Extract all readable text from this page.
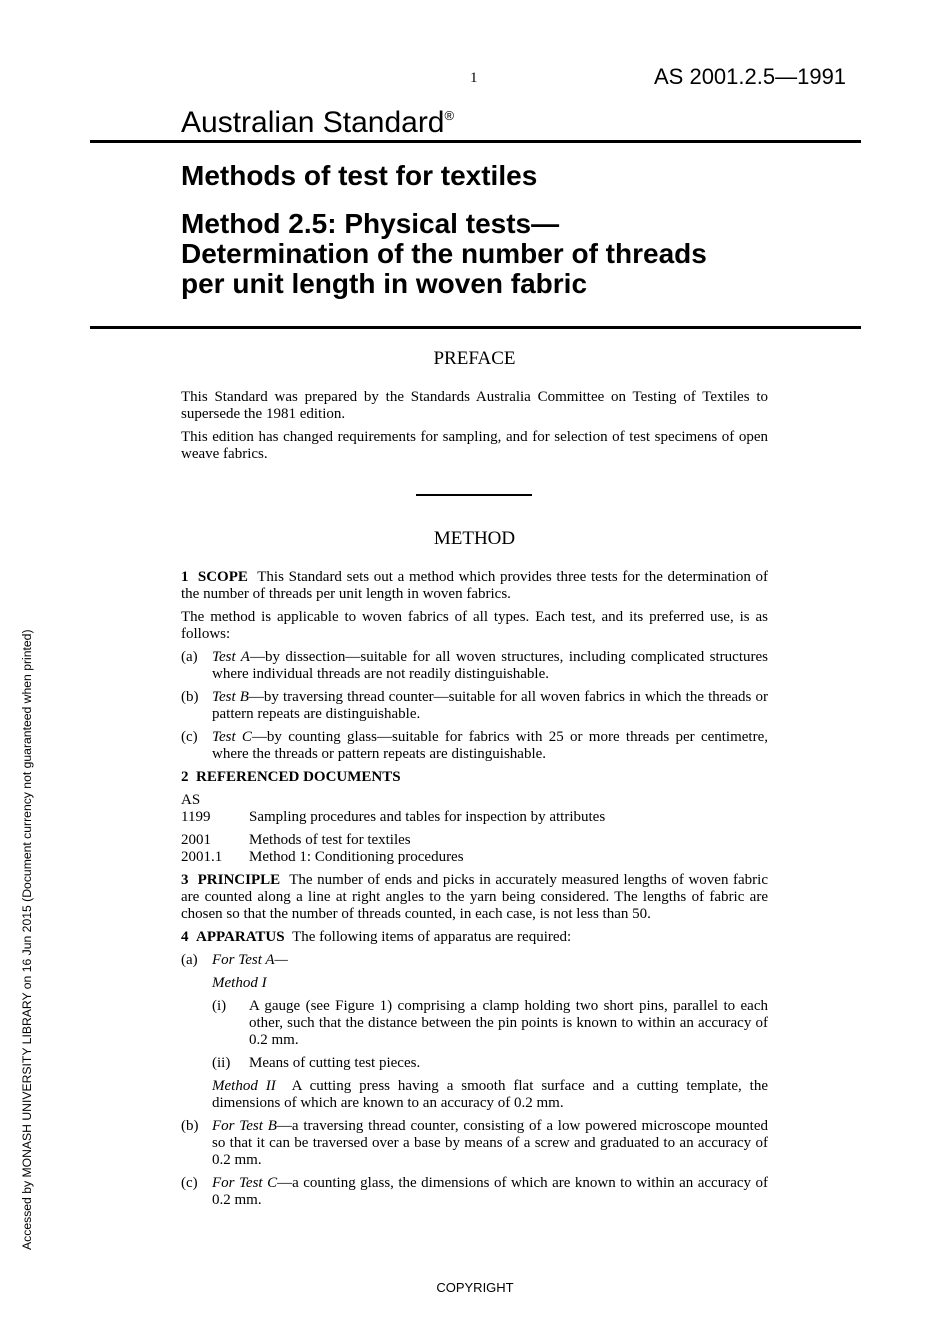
1	AS 2001.2.5—1991
Australian Standard®
Methods of test for textiles
Method 2.5: Physical tests—
Determination of the number of threads
per unit length in woven fabric
PREFACE
This Standard was prepared by the Standards Australia Committee on Testing of Textiles to supersede the 1981 edition.
This edition has changed requirements for sampling, and for selection of test specimens of open weave fabrics.
METHOD
1 SCOPE This Standard sets out a method which provides three tests for the determination of the number of threads per unit length in woven fabrics.
The method is applicable to woven fabrics of all types. Each test, and its preferred use, is as follows:
(a) Test A—by dissection—suitable for all woven structures, including complicated structures where individual threads are not readily distinguishable.
(b) Test B—by traversing thread counter—suitable for all woven fabrics in which the threads or pattern repeats are distinguishable.
(c) Test C—by counting glass—suitable for fabrics with 25 or more threads per centimetre, where the threads or pattern repeats are distinguishable.
2 REFERENCED DOCUMENTS
AS
1199	Sampling procedures and tables for inspection by attributes
2001	Methods of test for textiles
2001.1	Method 1: Conditioning procedures
3 PRINCIPLE The number of ends and picks in accurately measured lengths of woven fabric are counted along a line at right angles to the yarn being considered. The lengths of fabric are chosen so that the number of threads counted, in each case, is not less than 50.
4 APPARATUS The following items of apparatus are required:
(a) For Test A—
Method I
(i)	A gauge (see Figure 1) comprising a clamp holding two short pins, parallel to each other, such that the distance between the pin points is known to within an accuracy of 0.2 mm.
(ii)	Means of cutting test pieces.
Method II A cutting press having a smooth flat surface and a cutting template, the dimensions of which are known to an accuracy of 0.2 mm.
(b) For Test B—a traversing thread counter, consisting of a low powered microscope mounted so that it can be traversed over a base by means of a screw and graduated to an accuracy of 0.2 mm.
(c) For Test C—a counting glass, the dimensions of which are known to within an accuracy of 0.2 mm.
COPYRIGHT
Accessed by MONASH UNIVERSITY LIBRARY on 16 Jun 2015 (Document currency not guaranteed when printed)
